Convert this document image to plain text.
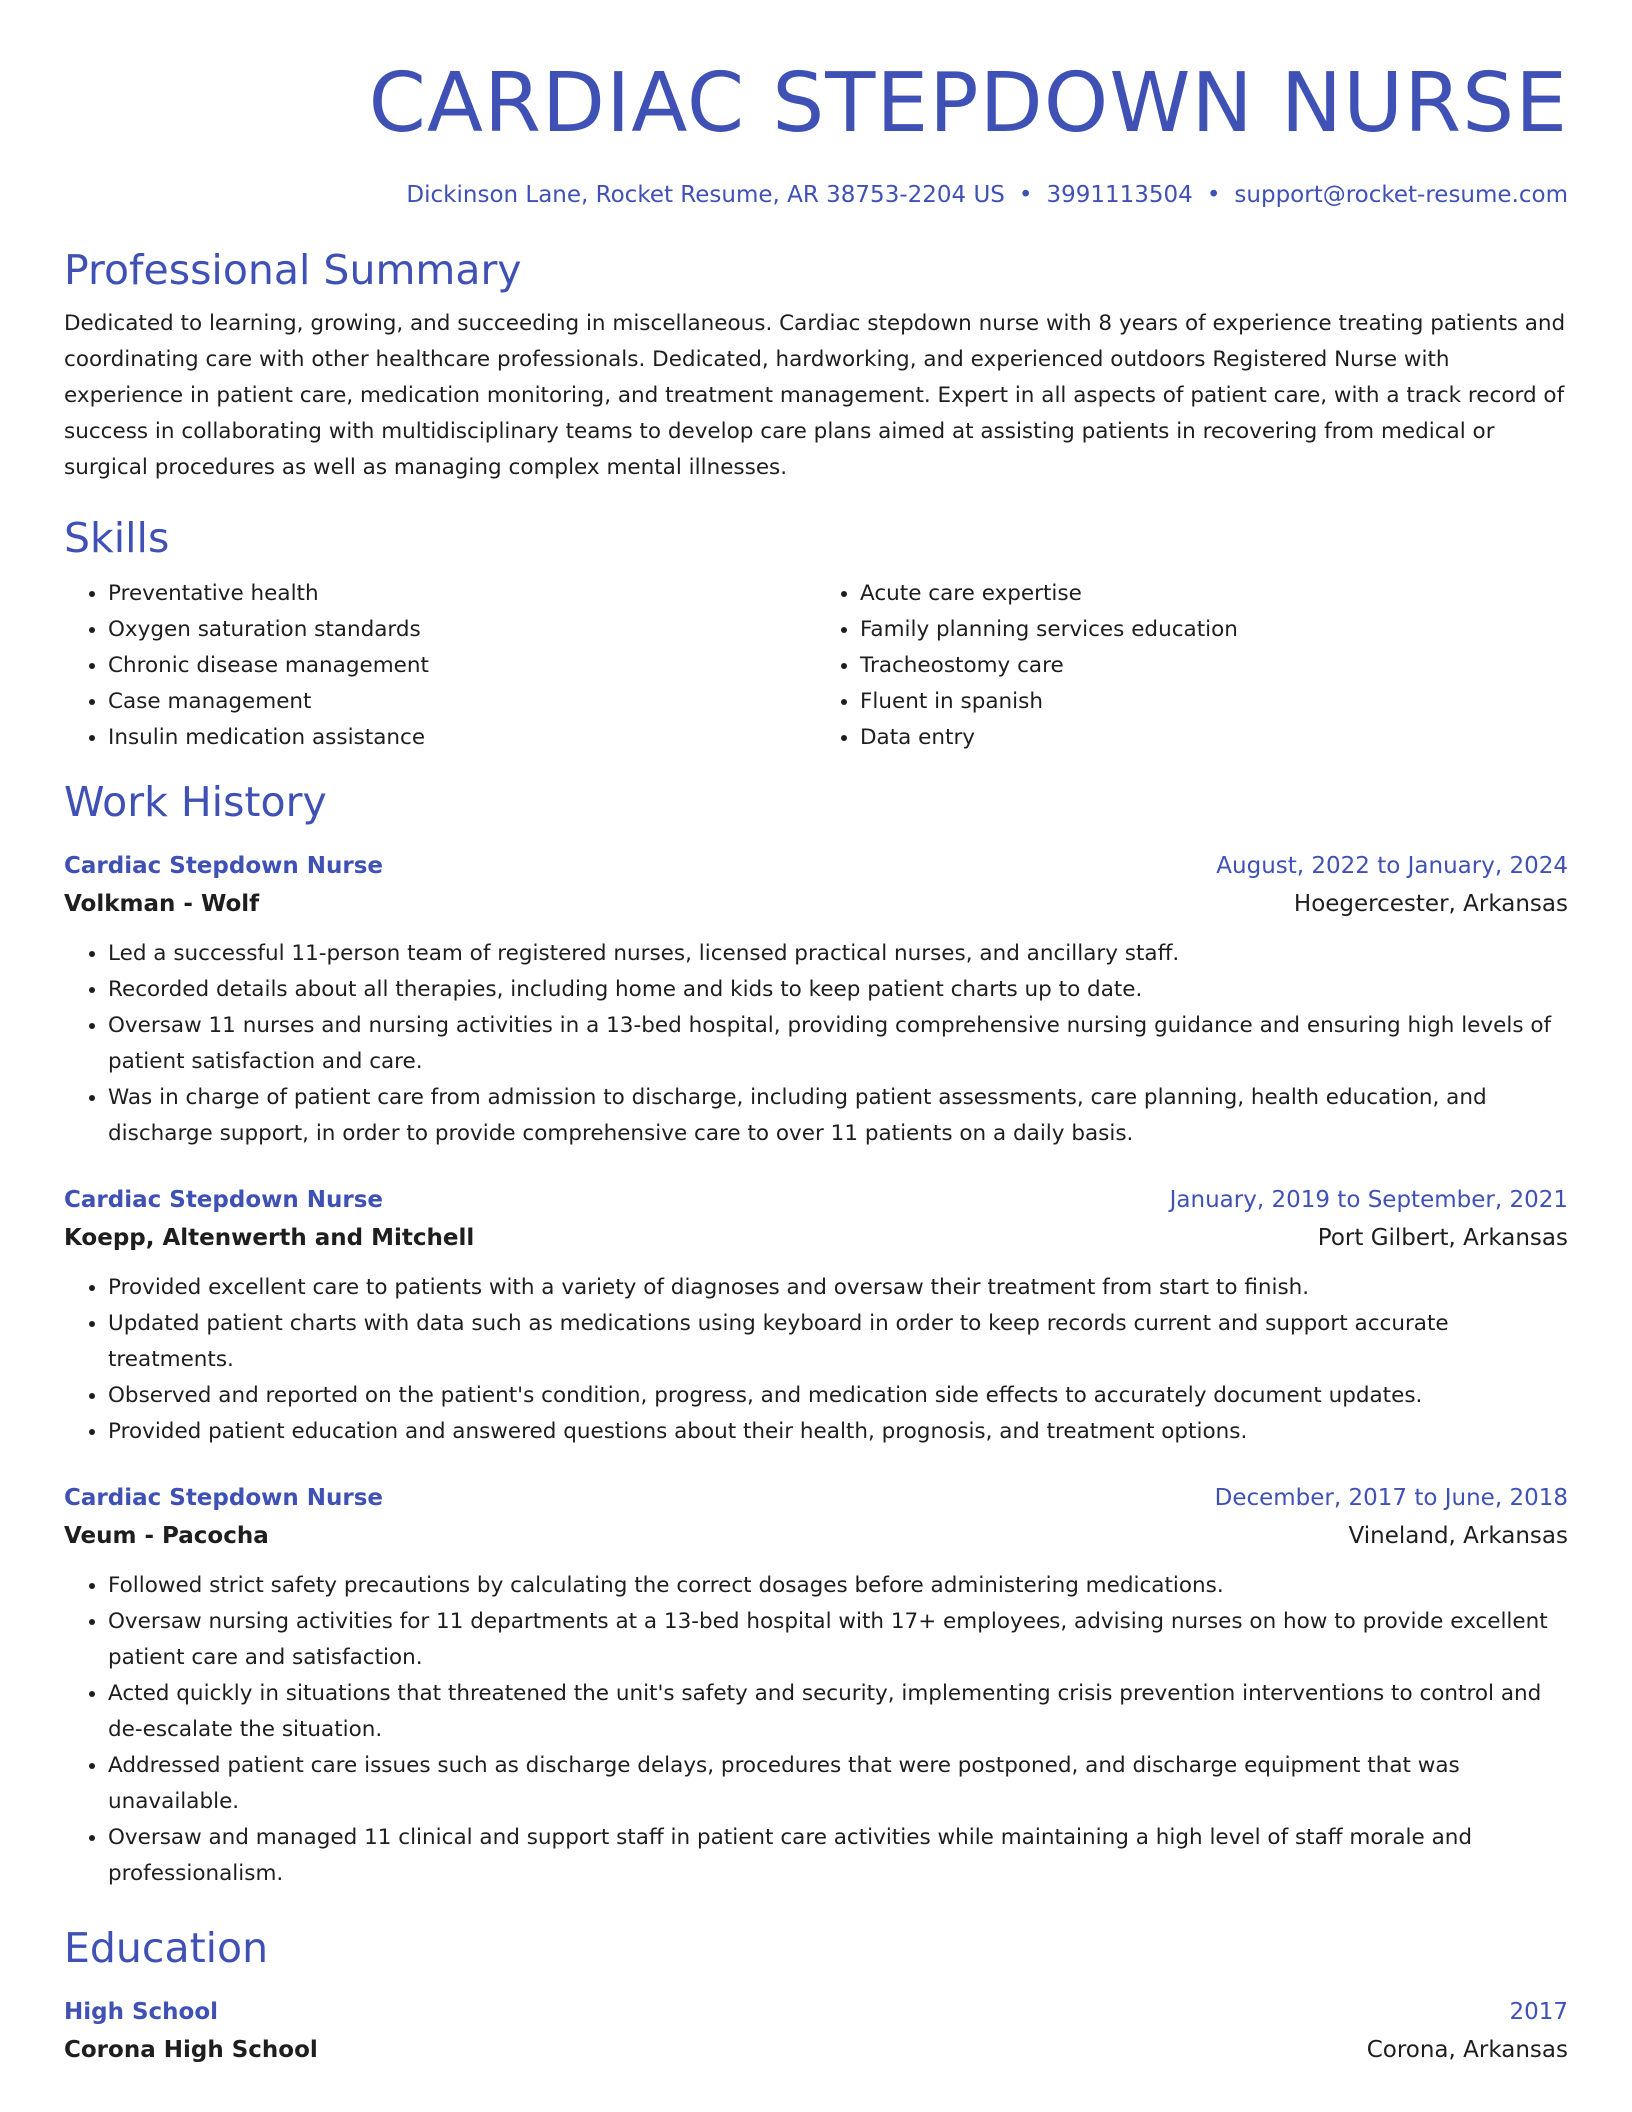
CARDIAC STEPDOWN NURSE
Dickinson Lane, Rocket Resume, AR 38753-2204 US • 3991113504 • support@rocket-resume.com
Professional Summary

Dedicated to learning, growing, and succeeding in miscellaneous. Cardiac stepdown nurse with 8 years of experience treating patients and coordinating care with other healthcare professionals. Dedicated, hardworking, and experienced outdoors Registered Nurse with experience in patient care, medication monitoring, and treatment management. Expert in all aspects of patient care, with a track record of success in collaborating with multidisciplinary teams to develop care plans aimed at assisting patients in recovering from medical or surgical procedures as well as managing complex mental illnesses.

Skills
• Preventative health
• Oxygen saturation standards
• Chronic disease management
• Case management
• Insulin medication assistance
• Acute care expertise
• Family planning services education
• Tracheostomy care
• Fluent in spanish
• Data entry
Work History
Cardiac Stepdown Nurse	August, 2022 to January, 2024
Volkman - Wolf	Hoegercester, Arkansas
• Led a successful 11-person team of registered nurses, licensed practical nurses, and ancillary staff.
• Recorded details about all therapies, including home and kids to keep patient charts up to date.
• Oversaw 11 nurses and nursing activities in a 13-bed hospital, providing comprehensive nursing guidance and ensuring high levels of patient satisfaction and care.
• Was in charge of patient care from admission to discharge, including patient assessments, care planning, health education, and discharge support, in order to provide comprehensive care to over 11 patients on a daily basis.
Cardiac Stepdown Nurse	January, 2019 to September, 2021
Koepp, Altenwerth and Mitchell	Port Gilbert, Arkansas
• Provided excellent care to patients with a variety of diagnoses and oversaw their treatment from start to finish.
• Updated patient charts with data such as medications using keyboard in order to keep records current and support accurate treatments.
• Observed and reported on the patient's condition, progress, and medication side effects to accurately document updates.
• Provided patient education and answered questions about their health, prognosis, and treatment options.
Cardiac Stepdown Nurse	December, 2017 to June, 2018
Veum - Pacocha	Vineland, Arkansas
• Followed strict safety precautions by calculating the correct dosages before administering medications.
• Oversaw nursing activities for 11 departments at a 13-bed hospital with 17+ employees, advising nurses on how to provide excellent patient care and satisfaction.
• Acted quickly in situations that threatened the unit's safety and security, implementing crisis prevention interventions to control and de-escalate the situation.
• Addressed patient care issues such as discharge delays, procedures that were postponed, and discharge equipment that was unavailable.
• Oversaw and managed 11 clinical and support staff in patient care activities while maintaining a high level of staff morale and professionalism.
Education
High School	2017
Corona High School	Corona, Arkansas
